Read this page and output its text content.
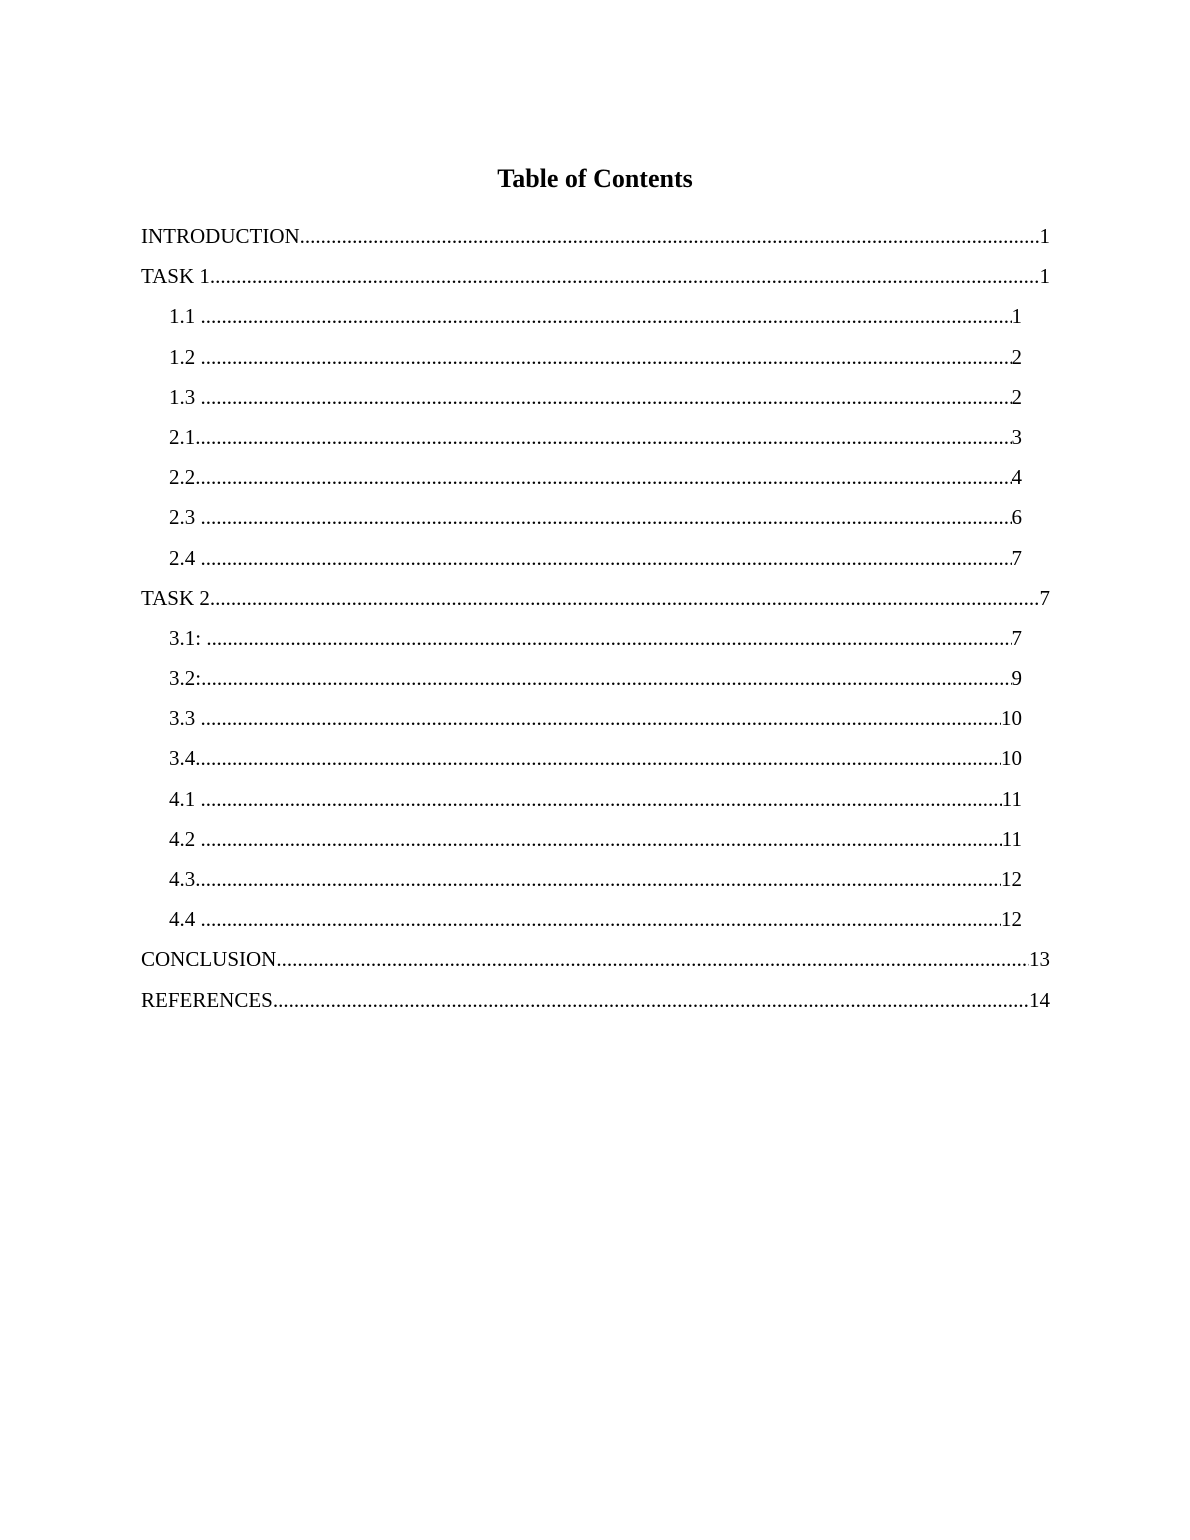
Table of Contents
INTRODUCTION .....	1
TASK 1 .....	1
1.1 .....	1
1.2 .....	2
1.3 .....	2
2.1 .....	3
2.2 .....	4
2.3 .....	6
2.4 .....	7
TASK 2 .....	7
3.1: .....	7
3.2: .....	9
3.3 .....	10
3.4 .....	10
4.1 .....	11
4.2 .....	11
4.3 .....	12
4.4 .....	12
CONCLUSION .....	13
REFERENCES .....	14
